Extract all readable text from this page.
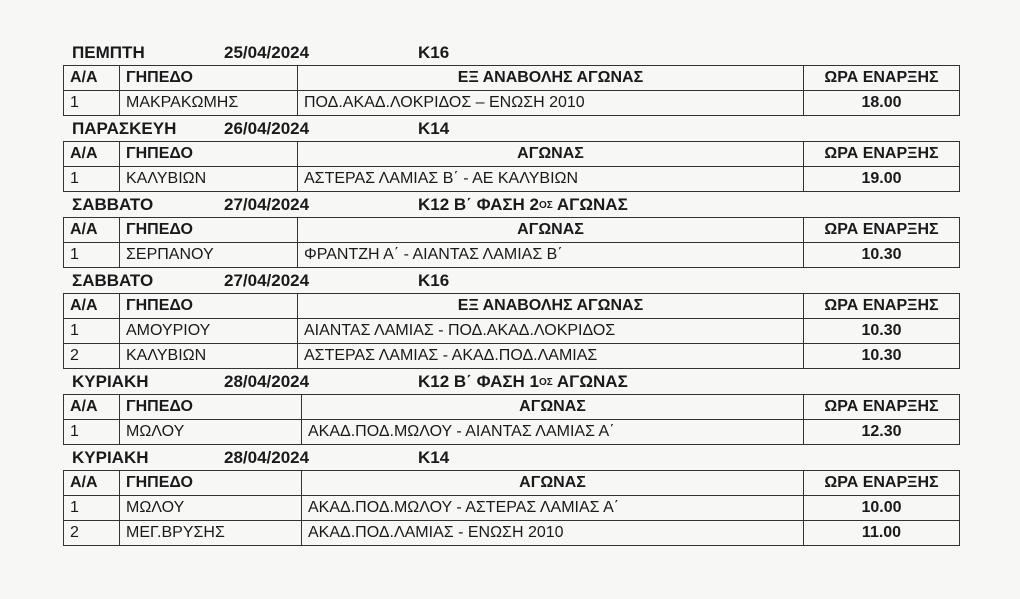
ΠΕΜΠΤΗ	25/04/2024	K16
Α/Α	ΓΗΠΕΔΟ	ΕΞ ΑΝΑΒΟΛΗΣ ΑΓΩΝΑΣ	ΩΡΑ ΕΝΑΡΞΗΣ
1	ΜΑΚΡΑΚΩΜΗΣ	ΠΟΔ.ΑΚΑΔ.ΛΟΚΡΙΔΟΣ – ΕΝΩΣΗ 2010	18.00
ΠΑΡΑΣΚΕΥΗ	26/04/2024	K14
Α/Α	ΓΗΠΕΔΟ	ΑΓΩΝΑΣ	ΩΡΑ ΕΝΑΡΞΗΣ
1	ΚΑΛΥΒΙΩΝ	ΑΣΤΕΡΑΣ ΛΑΜΙΑΣ Β΄ - ΑΕ ΚΑΛΥΒΙΩΝ	19.00
ΣΑΒΒΑΤΟ	27/04/2024	K12 Β΄ ΦΑΣΗ $2^{O\Sigma}$ ΑΓΩΝΑΣ
Α/Α	ΓΗΠΕΔΟ	ΑΓΩΝΑΣ	ΩΡΑ ΕΝΑΡΞΗΣ
1	ΣΕΡΠΑΝΟΥ	ΦΡΑΝΤΖΗ Α΄ - ΑΙΑΝΤΑΣ ΛΑΜΙΑΣ Β΄	10.30
ΣΑΒΒΑΤΟ	27/04/2024	K16
Α/Α	ΓΗΠΕΔΟ	ΕΞ ΑΝΑΒΟΛΗΣ ΑΓΩΝΑΣ	ΩΡΑ ΕΝΑΡΞΗΣ
1	ΑΜΟΥΡΙΟΥ	ΑΙΑΝΤΑΣ ΛΑΜΙΑΣ - ΠΟΔ.ΑΚΑΔ.ΛΟΚΡΙΔΟΣ	10.30
2	ΚΑΛΥΒΙΩΝ	ΑΣΤΕΡΑΣ ΛΑΜΙΑΣ - ΑΚΑΔ.ΠΟΔ.ΛΑΜΙΑΣ	10.30
ΚΥΡΙΑΚΗ	28/04/2024	K12 Β΄ ΦΑΣΗ $1^{O\Sigma}$ ΑΓΩΝΑΣ
Α/Α	ΓΗΠΕΔΟ	ΑΓΩΝΑΣ	ΩΡΑ ΕΝΑΡΞΗΣ
1	ΜΩΛΟΥ	ΑΚΑΔ.ΠΟΔ.ΜΩΛΟΥ - ΑΙΑΝΤΑΣ ΛΑΜΙΑΣ Α΄	12.30
ΚΥΡΙΑΚΗ	28/04/2024	K14
Α/Α	ΓΗΠΕΔΟ	ΑΓΩΝΑΣ	ΩΡΑ ΕΝΑΡΞΗΣ
1	ΜΩΛΟΥ	ΑΚΑΔ.ΠΟΔ.ΜΩΛΟΥ - ΑΣΤΕΡΑΣ ΛΑΜΙΑΣ Α΄	10.00
2	ΜΕΓ.ΒΡΥΣΗΣ	ΑΚΑΔ.ΠΟΔ.ΛΑΜΙΑΣ - ΕΝΩΣΗ 2010	11.00
